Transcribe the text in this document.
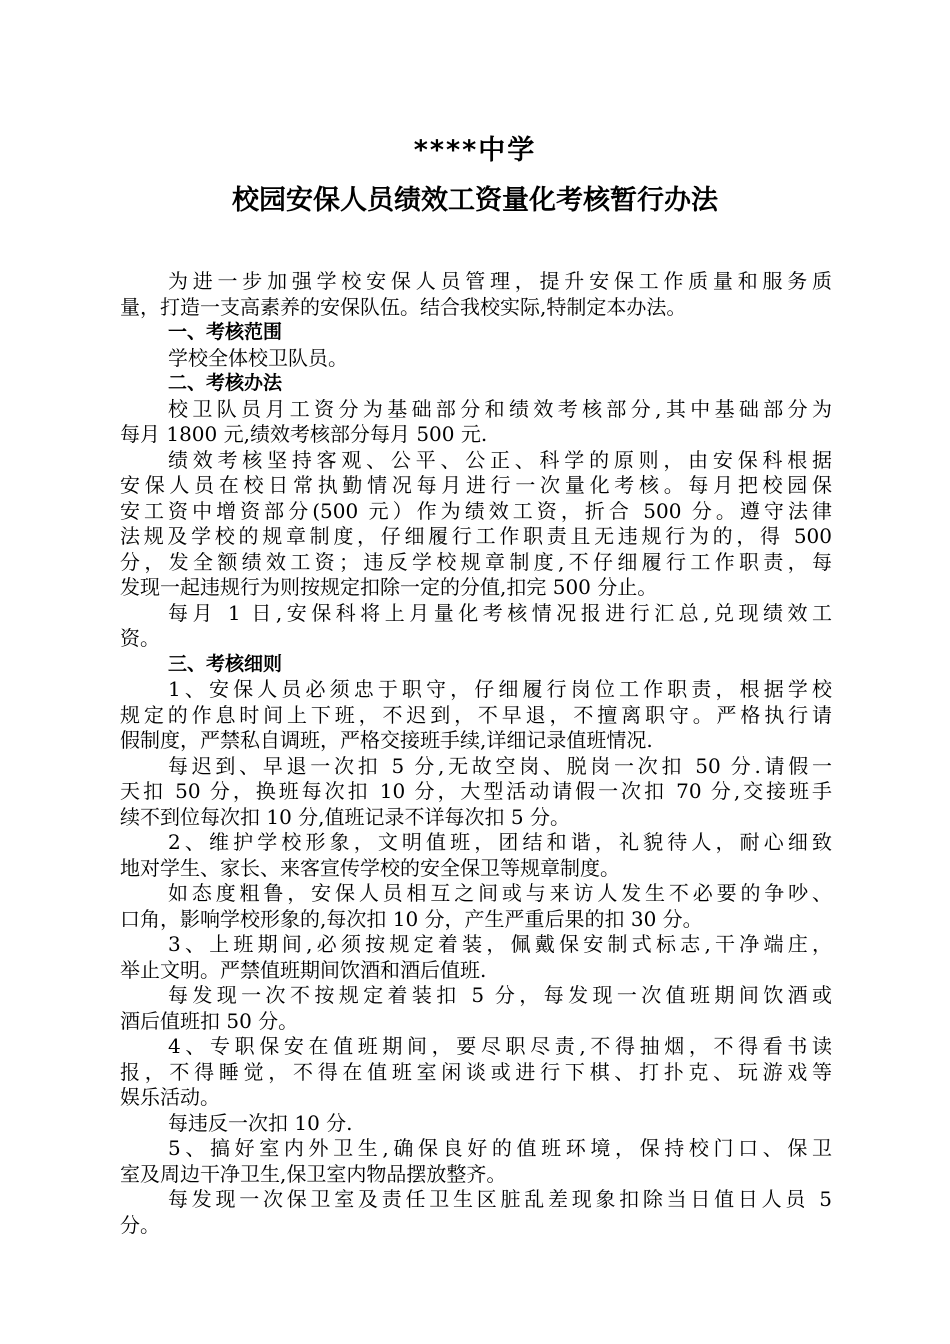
****中学
校园安保人员绩效工资量化考核暂行办法
为进一步加强学校安保人员管理，提升安保工作质量和服务质
量，打造一支高素养的安保队伍。结合我校实际,特制定本办法。
一、考核范围
学校全体校卫队员。
二、考核办法
校卫队员月工资分为基础部分和绩效考核部分,其中基础部分为
每月 1800 元,绩效考核部分每月 500 元.
绩效考核坚持客观、公平、公正、科学的原则，由安保科根据
安保人员在校日常执勤情况每月进行一次量化考核。每月把校园保
安工资中增资部分(500 元）作为绩效工资，折合 500 分。遵守法律
法规及学校的规章制度，仔细履行工作职责且无违规行为的，得 500
分，发全额绩效工资；违反学校规章制度,不仔细履行工作职责，每
发现一起违规行为则按规定扣除一定的分值,扣完 500 分止。
每月 1 日,安保科将上月量化考核情况报进行汇总,兑现绩效工
资。
三、考核细则
1、安保人员必须忠于职守，仔细履行岗位工作职责，根据学校
规定的作息时间上下班，不迟到，不早退，不擅离职守。严格执行请
假制度，严禁私自调班，严格交接班手续,详细记录值班情况.
每迟到、早退一次扣 5 分,无故空岗、脱岗一次扣 50 分.请假一
天扣 50 分，换班每次扣 10 分，大型活动请假一次扣 70 分,交接班手
续不到位每次扣 10 分,值班记录不详每次扣 5 分。
2、维护学校形象，文明值班，团结和谐，礼貌待人，耐心细致
地对学生、家长、来客宣传学校的安全保卫等规章制度。
如态度粗鲁，安保人员相互之间或与来访人发生不必要的争吵、
口角，影响学校形象的,每次扣 10 分，产生严重后果的扣 30 分。
3、上班期间,必须按规定着装，佩戴保安制式标志,干净端庄，
举止文明。严禁值班期间饮酒和酒后值班.
每发现一次不按规定着装扣 5 分，每发现一次值班期间饮酒或
酒后值班扣 50 分。
4、专职保安在值班期间，要尽职尽责,不得抽烟，不得看书读
报，不得睡觉，不得在值班室闲谈或进行下棋、打扑克、玩游戏等
娱乐活动。
每违反一次扣 10 分.
5、搞好室内外卫生,确保良好的值班环境，保持校门口、保卫
室及周边干净卫生,保卫室内物品摆放整齐。
每发现一次保卫室及责任卫生区脏乱差现象扣除当日值日人员 5
分。
